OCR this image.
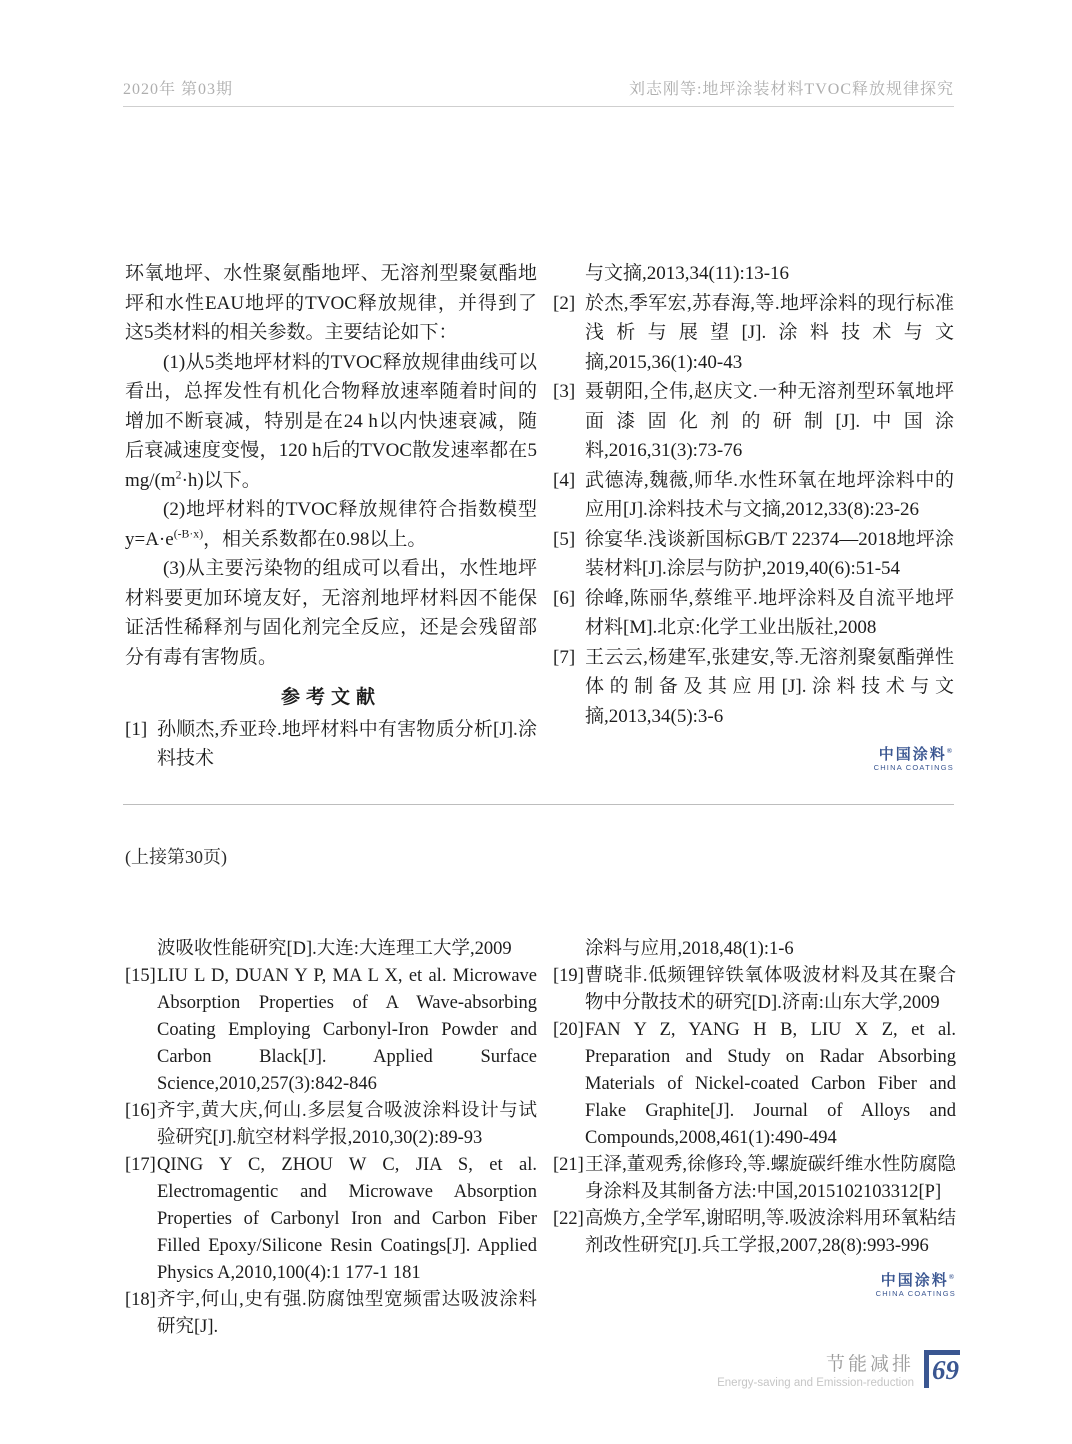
2020年 第03期	刘志刚等:地坪涂装材料TVOC释放规律探究

环氧地坪、水性聚氨酯地坪、无溶剂型聚氨酯地坪和水性EAU地坪的TVOC释放规律，并得到了这5类材料的相关参数。主要结论如下：

(1)从5类地坪材料的TVOC释放规律曲线可以看出，总挥发性有机化合物释放速率随着时间的增加不断衰减，特别是在24 h以内快速衰减，随后衰减速度变慢，120 h后的TVOC散发速率都在5 $mg/(m^2\cdot h)$以下。

(2)地坪材料的TVOC释放规律符合指数模型$y=A\cdot e^{(-B\cdot x)}$，相关系数都在0.98以上。

(3)从主要污染物的组成可以看出，水性地坪材料要更加环境友好，无溶剂地坪材料因不能保证活性稀释剂与固化剂完全反应，还是会残留部分有毒有害物质。

参考文献
[1] 孙顺杰,乔亚玲.地坪材料中有害物质分析[J].涂料技术
与文摘,2013,34(11):13-16
[2] 於杰,季军宏,苏春海,等.地坪涂料的现行标准浅析与展望[J].涂料技术与文摘,2015,36(1):40-43
[3] 聂朝阳,仝伟,赵庆文.一种无溶剂型环氧地坪面漆固化剂的研制[J].中国涂料,2016,31(3):73-76
[4] 武德涛,魏薇,师华.水性环氧在地坪涂料中的应用[J].涂料技术与文摘,2012,33(8):23-26
[5] 徐宴华.浅谈新国标GB/T 22374—2018地坪涂装材料[J].涂层与防护,2019,40(6):51-54
[6] 徐峰,陈丽华,蔡维平.地坪涂料及自流平地坪材料[M].北京:化学工业出版社,2008
[7] 王云云,杨建军,张建安,等.无溶剂聚氨酯弹性体的制备及其应用[J].涂料技术与文摘,2013,34(5):3-6
中国涂料®
CHINA COATINGS
(上接第30页)
波吸收性能研究[D].大连:大连理工大学,2009
[15] LIU L D, DUAN Y P, MA L X, et al. Microwave Absorption Properties of A Wave-absorbing Coating Employing Carbonyl-Iron Powder and Carbon Black[J]. Applied Surface Science,2010,257(3):842-846
[16] 齐宇,黄大庆,何山.多层复合吸波涂料设计与试验研究[J].航空材料学报,2010,30(2):89-93
[17] QING Y C, ZHOU W C, JIA S, et al. Electromagentic and Microwave Absorption Properties of Carbonyl Iron and Carbon Fiber Filled Epoxy/Silicone Resin Coatings[J]. Applied Physics A,2010,100(4):1 177-1 181
[18] 齐宇,何山,史有强.防腐蚀型宽频雷达吸波涂料研究[J].
涂料与应用,2018,48(1):1-6
[19] 曹晓非.低频锂锌铁氧体吸波材料及其在聚合物中分散技术的研究[D].济南:山东大学,2009
[20] FAN Y Z, YANG H B, LIU X Z, et al. Preparation and Study on Radar Absorbing Materials of Nickel-coated Carbon Fiber and Flake Graphite[J]. Journal of Alloys and Compounds,2008,461(1):490-494
[21] 王泽,董观秀,徐修玲,等.螺旋碳纤维水性防腐隐身涂料及其制备方法:中国,2015102103312[P]
[22] 高焕方,全学军,谢昭明,等.吸波涂料用环氧粘结剂改性研究[J].兵工学报,2007,28(8):993-996
中国涂料®
CHINA COATINGS
节能减排
Energy-saving and Emission-reduction 69
